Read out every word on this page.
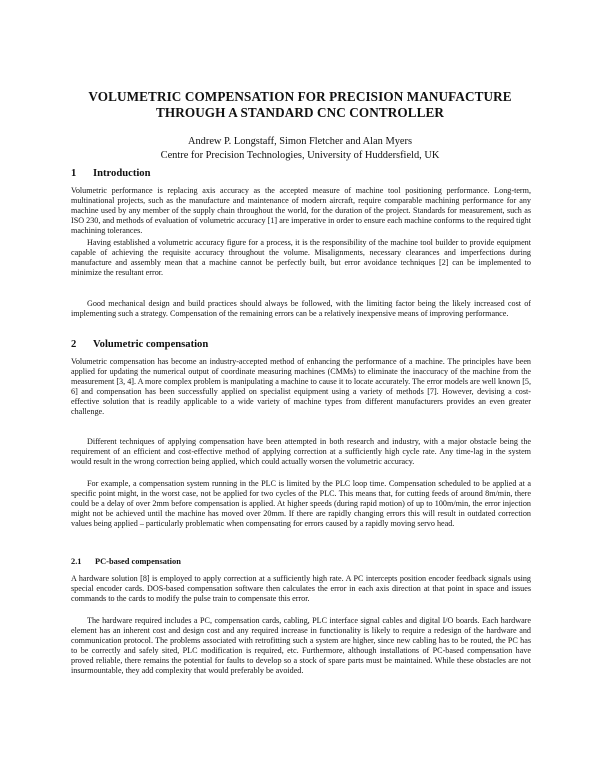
VOLUMETRIC COMPENSATION FOR PRECISION MANUFACTURE
THROUGH A STANDARD CNC CONTROLLER
Andrew P. Longstaff, Simon Fletcher and Alan Myers
Centre for Precision Technologies, University of Huddersfield, UK
1 Introduction

Volumetric performance is replacing axis accuracy as the accepted measure of machine tool positioning performance. Long-term, multinational projects, such as the manufacture and maintenance of modern aircraft, require comparable machining performance for any machine used by any member of the supply chain throughout the world, for the duration of the project. Standards for measurement, such as ISO 230, and methods of evaluation of volumetric accuracy [1] are imperative in order to ensure each machine conforms to the required tight machining tolerances.

Having established a volumetric accuracy figure for a process, it is the responsibility of the machine tool builder to provide equipment capable of achieving the requisite accuracy throughout the volume. Misalignments, necessary clearances and imperfections during manufacture and assembly mean that a machine cannot be perfectly built, but error avoidance techniques [2] can be implemented to minimize the resultant error.

Good mechanical design and build practices should always be followed, with the limiting factor being the likely increased cost of implementing such a strategy. Compensation of the remaining errors can be a relatively inexpensive means of improving performance.

2 Volumetric compensation

Volumetric compensation has become an industry-accepted method of enhancing the performance of a machine. The principles have been applied for updating the numerical output of coordinate measuring machines (CMMs) to eliminate the inaccuracy of the machine from the measurement [3, 4]. A more complex problem is manipulating a machine to cause it to locate accurately. The error models are well known [5, 6] and compensation has been successfully applied on specialist equipment using a variety of methods [7]. However, devising a cost-effective solution that is readily applicable to a wide variety of machine types from different manufacturers provides an even greater challenge.

Different techniques of applying compensation have been attempted in both research and industry, with a major obstacle being the requirement of an efficient and cost-effective method of applying correction at a sufficiently high cycle rate. Any time-lag in the system would result in the wrong correction being applied, which could actually worsen the volumetric accuracy.

For example, a compensation system running in the PLC is limited by the PLC loop time. Compensation scheduled to be applied at a specific point might, in the worst case, not be applied for two cycles of the PLC. This means that, for cutting feeds of around 8m/min, there could be a delay of over 2mm before compensation is applied. At higher speeds (during rapid motion) of up to 100m/min, the error injection might not be achieved until the machine has moved over 20mm. If there are rapidly changing errors this will result in outdated correction values being applied – particularly problematic when compensating for errors caused by a rapidly moving servo head.

2.1 PC-based compensation

A hardware solution [8] is employed to apply correction at a sufficiently high rate. A PC intercepts position encoder feedback signals using special encoder cards. DOS-based compensation software then calculates the error in each axis direction at that point in space and issues commands to the cards to modify the pulse train to compensate this error.

The hardware required includes a PC, compensation cards, cabling, PLC interface signal cables and digital I/O boards. Each hardware element has an inherent cost and design cost and any required increase in functionality is likely to require a redesign of the hardware and communication protocol. The problems associated with retrofitting such a system are higher, since new cabling has to be routed, the PC has to be correctly and safely sited, PLC modification is required, etc. Furthermore, although installations of PC-based compensation have proved reliable, there remains the potential for faults to develop so a stock of spare parts must be maintained. While these obstacles are not insurmountable, they add complexity that would preferably be avoided.
